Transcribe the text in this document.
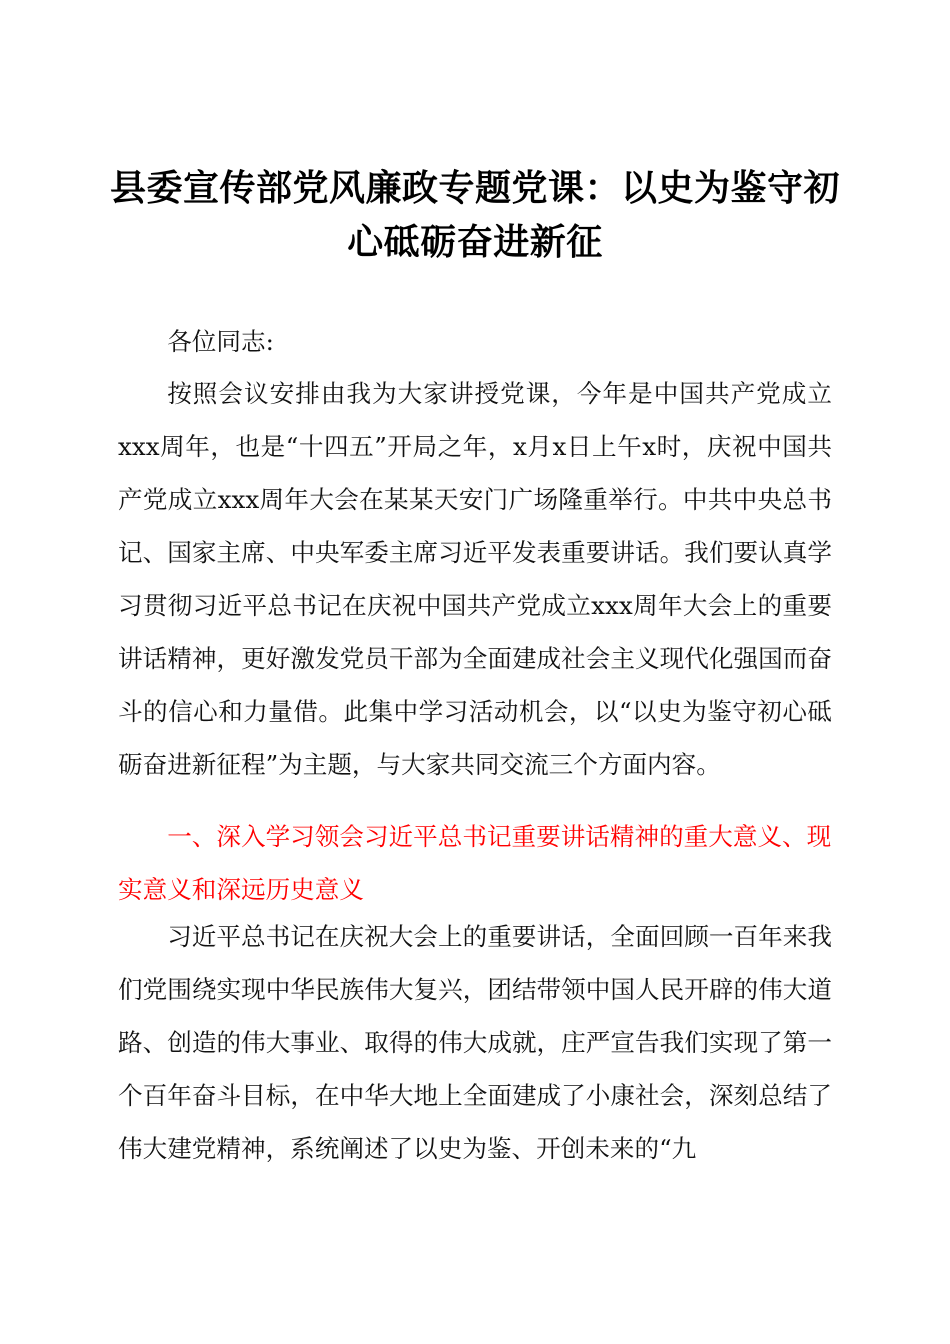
县委宣传部党风廉政专题党课：以史为鉴守初心砥砺奋进新征

各位同志:

按照会议安排由我为大家讲授党课，今年是中国共产党成立xxx周年，也是“十四五”开局之年，x月x日上午x时，庆祝中国共产党成立xxx周年大会在某某天安门广场隆重举行。中共中央总书记、国家主席、中央军委主席习近平发表重要讲话。我们要认真学习贯彻习近平总书记在庆祝中国共产党成立xxx周年大会上的重要讲话精神，更好激发党员干部为全面建成社会主义现代化强国而奋斗的信心和力量借。此集中学习活动机会，以“以史为鉴守初心砥砺奋进新征程”为主题，与大家共同交流三个方面内容。

一、深入学习领会习近平总书记重要讲话精神的重大意义、现实意义和深远历史意义

习近平总书记在庆祝大会上的重要讲话，全面回顾一百年来我们党围绕实现中华民族伟大复兴，团结带领中国人民开辟的伟大道路、创造的伟大事业、取得的伟大成就，庄严宣告我们实现了第一个百年奋斗目标，在中华大地上全面建成了小康社会，深刻总结了伟大建党精神，系统阐述了以史为鉴、开创未来的“九
